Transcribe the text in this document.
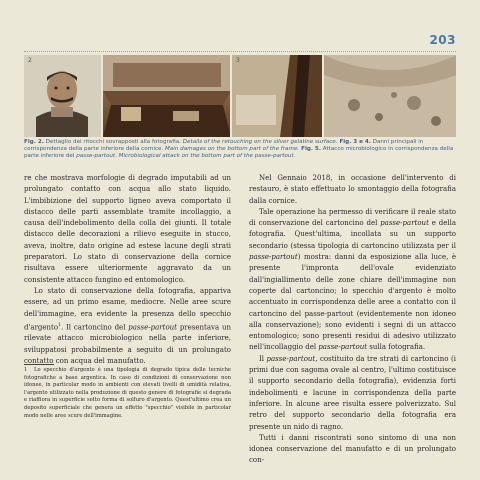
203
2	3
Fig. 2. Dettaglio dei ritocchi sovrapposti alla fotografia. Details of the retouching on the silver gelatine surface. Fig. 3 e 4. Danni principali in corrispondenza della parte inferiore della cornice. Main damages on the bottom part of the frame. Fig. 5. Attacco microbiologico in corrispondenza della parte inferiore del passe-partout. Microbiological attack on the bottom part of the passe-partout.

re che mostrava morfologie di degrado imputabili ad un prolungato contatto con acqua allo stato liquido. L'imbibizione del supporto ligneo aveva comportato il distacco delle parti assemblate tramite incollaggio, a causa dell'indebolimento della colla dei giunti. Il totale distacco delle decorazioni a rilievo eseguite in stucco, aveva, inoltre, dato origine ad estese lacune degli strati preparatori. Lo stato di conservazione della cornice risultava essere ulteriormente aggravato da un consistente attacco fungino ed entomologico.

Lo stato di conservazione della fotografia, appariva essere, ad un primo esame, mediocre. Nelle aree scure dell'immagine, era evidente la presenza dello specchio d'argento$^1$. Il cartoncino del passe-partout presentava un rilevate attacco microbiologico nella parte inferiore, sviluppatosi probabilmente a seguito di un prolungato contatto con acqua del manufatto.

1 Lo specchio d'argento è una tipologia di degrado tipica delle tecniche fotografiche a base argentica. In caso di condizioni di conservazione non idonee, in particolar modo in ambienti con elevati livelli di umidità relativa, l'argento utilizzato nella produzione di questo genere di fotografie si degrada e riaffiora in superficie sotto forma di solfuro d'argento. Quest'ultimo crea un deposito superficiale che genera un effetto "specchio" visibile in particolar modo nelle aree scure dell'immagine.

Nel Gennaio 2018, in occasione dell'intervento di restauro, è stato effettuato lo smontaggio della fotografia dalla cornice.

Tale operazione ha permesso di verificare il reale stato di conservazione del cartoncino del passe-partout e della fotografia. Quest'ultima, incollata su un supporto secondario (stessa tipologia di cartoncino utilizzata per il passe-partout) mostra: danni da esposizione alla luce, è presente l'impronta dell'ovale evidenziato dall'ingiallimento delle zone chiare dell'immagine non coperte dal cartoncino; lo specchio d'argento è molto accentuato in corrispondenza delle aree a contatto con il cartoncino del passe-partout (evidentemente non idoneo alla conservazione); sono evidenti i segni di un attacco entomologico; sono presenti residui di adesivo utilizzato nell'incollaggio del passe-partout sulla fotografia.

Il passe-partout, costituito da tre strati di cartoncino (i primi due con sagoma ovale al centro, l'ultimo costituisce il supporto secondario della fotografia), evidenzia forti indebolimenti e lacune in corrispondenza della parte inferiore. In alcune aree risulta essere polverizzato. Sul retro del supporto secondario della fotografia era presente un nido di ragno.

Tutti i danni riscontrati sono sintomo di una non idonea conservazione del manufatto e di un prolungato con-
